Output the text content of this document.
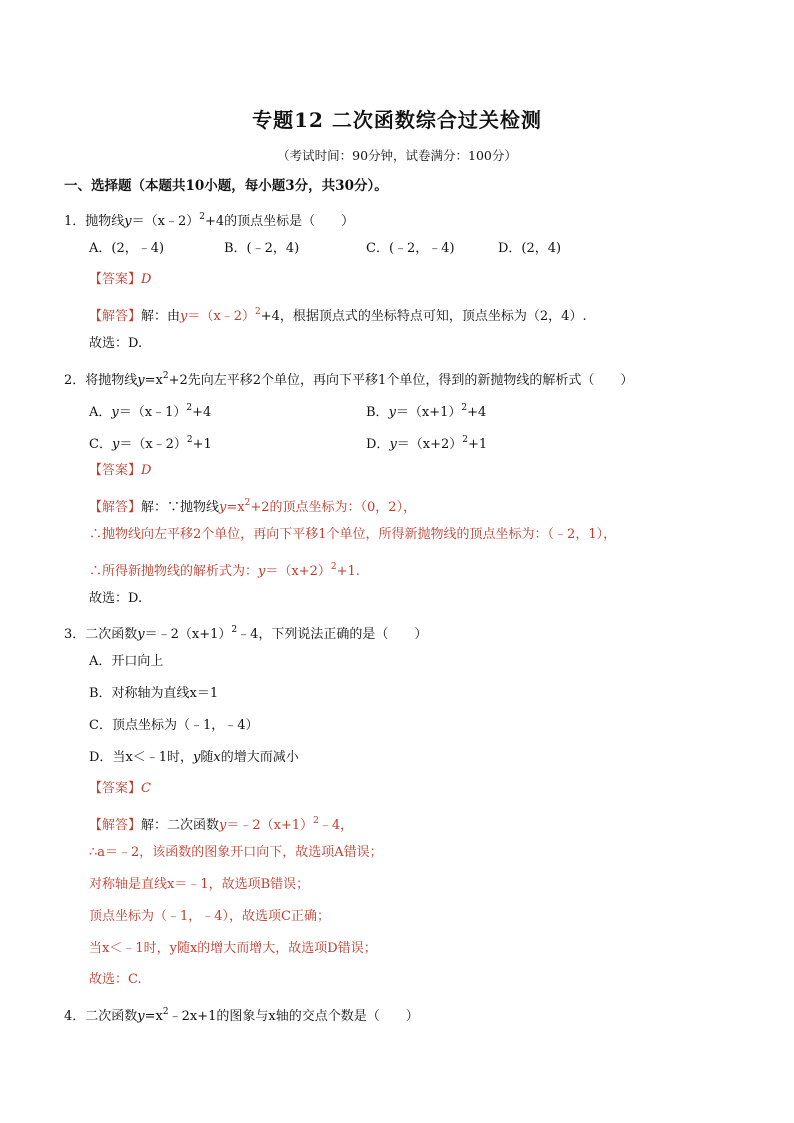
专题12 二次函数综合过关检测
（考试时间：90分钟，试卷满分：100分）
一、选择题（本题共10小题，每小题3分，共30分）。
1．抛物线y＝（x﹣2）$^2$+4的顶点坐标是（　　）
A．(2，﹣4)	B．(﹣2，4)	C．(﹣2，﹣4)	D．(2，4)
【答案】D
【解答】解：由y＝（x﹣2）$^2$+4，根据顶点式的坐标特点可知，顶点坐标为（2，4）.
故选：D.
2．将抛物线$y=x^2+2$先向左平移2个单位，再向下平移1个单位，得到的新抛物线的解析式（　　）
A．y＝（x﹣1）$^2$+4	B．$y=(x+1)^2+4$
C．y＝（x﹣2）$^2$+1	D．$y=(x+2)^2+1$
【答案】D
【解答】解：∵抛物线$y=x^2+2$的顶点坐标为：（0，2），
∴抛物线向左平移2个单位，再向下平移1个单位，所得新抛物线的顶点坐标为：（﹣2，1），
∴所得新抛物线的解析式为：$y=(x+2)^2+1$.
故选：D.
3．二次函数$y=﹣2(x+1)^2﹣4$，下列说法正确的是（　　）
A．开口向上
B．对称轴为直线x＝1
C．顶点坐标为（﹣1，﹣4）
D．当x＜﹣1时，y随x的增大而减小
【答案】C
【解答】解：二次函数$y=﹣2(x+1)^2﹣4$，
∴a＝﹣2，该函数的图象开口向下，故选项A错误；
对称轴是直线x＝﹣1，故选项B错误；
顶点坐标为（﹣1，﹣4），故选项C正确；
当x＜﹣1时，y随x的增大而增大，故选项D错误；
故选：C.
4．二次函数$y=x^2﹣2x+1$的图象与x轴的交点个数是（　　）
